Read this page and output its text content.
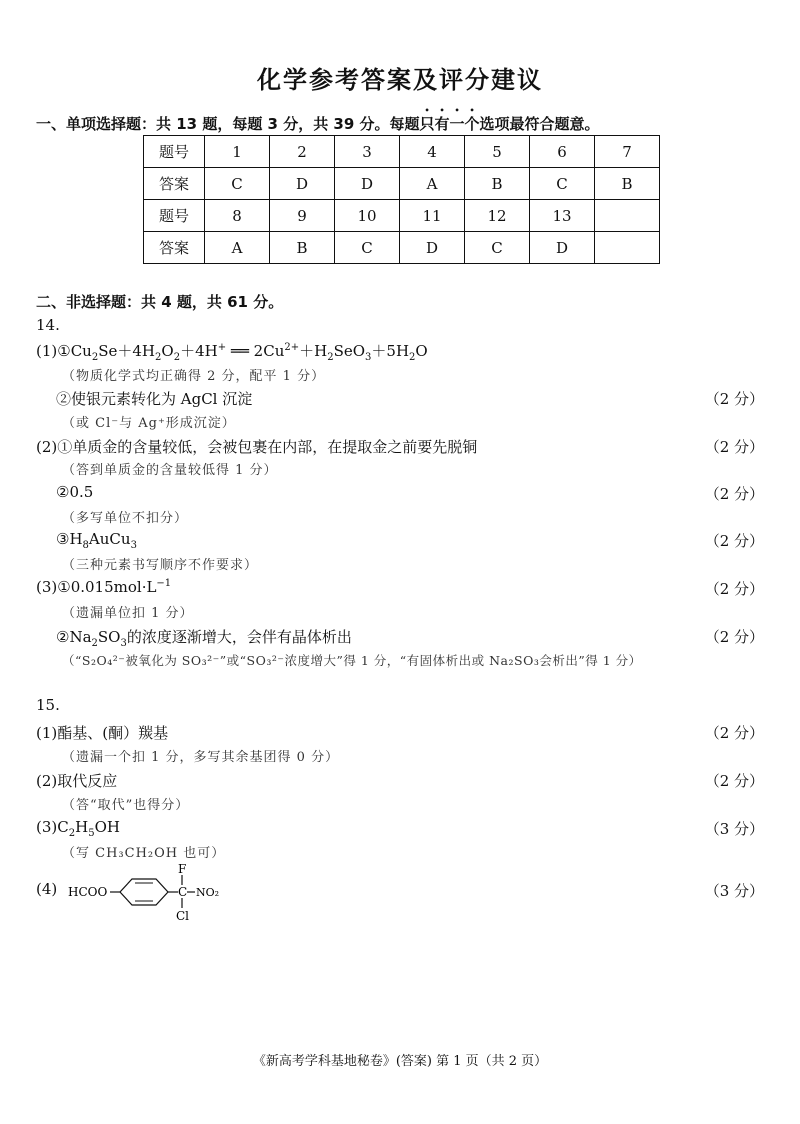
化学参考答案及评分建议
一、单项选择题：共 13 题，每题 3 分，共 39 分。每题只有一个选项最符合题意。
题号	1	2	3	4	5	6	7
答案	C	D	D	A	B	C	B
题号	8	9	10	11	12	13	
答案	A	B	C	D	C	D	
二、非选择题：共 4 题，共 61 分。
14.
$(1)①Cu_2Se+4H_2O_2+4H^+$ ══ $2Cu^{2+}+H_2SeO_3+5H_2O$
（物质化学式均正确得 2 分，配平 1 分）
②使银元素转化为 AgCl 沉淀	（2 分）
（或 Cl⁻与 Ag⁺形成沉淀）
(2)①单质金的含量较低，会被包裹在内部，在提取金之前要先脱铜	（2 分）
（答到单质金的含量较低得 1 分）
②0.5	（2 分）
（多写单位不扣分）
$③H_8AuCu_3$	（2 分）
（三种元素书写顺序不作要求）
$(3)①0.015mol\cdot L^{-1}$	（2 分）
（遗漏单位扣 1 分）
$②Na_2SO_3$的浓度逐渐增大，会伴有晶体析出	（2 分）
（“S₂O₄²⁻被氧化为 SO₃²⁻”或“SO₃²⁻浓度增大”得 1 分，“有固体析出或 Na₂SO₃会析出”得 1 分）
15.
(1)酯基、(酮）羰基	（2 分）
（遗漏一个扣 1 分，多写其余基团得 0 分）
(2)取代反应	（2 分）
（答“取代”也得分）
$(3)C_2H_5OH$	（3 分）
（写 CH₃CH₂OH 也可）
(4)	（3 分）
HCOO	C
F
NO₂
Cl
《新高考学科基地秘卷》(答案) 第 1 页（共 2 页）
